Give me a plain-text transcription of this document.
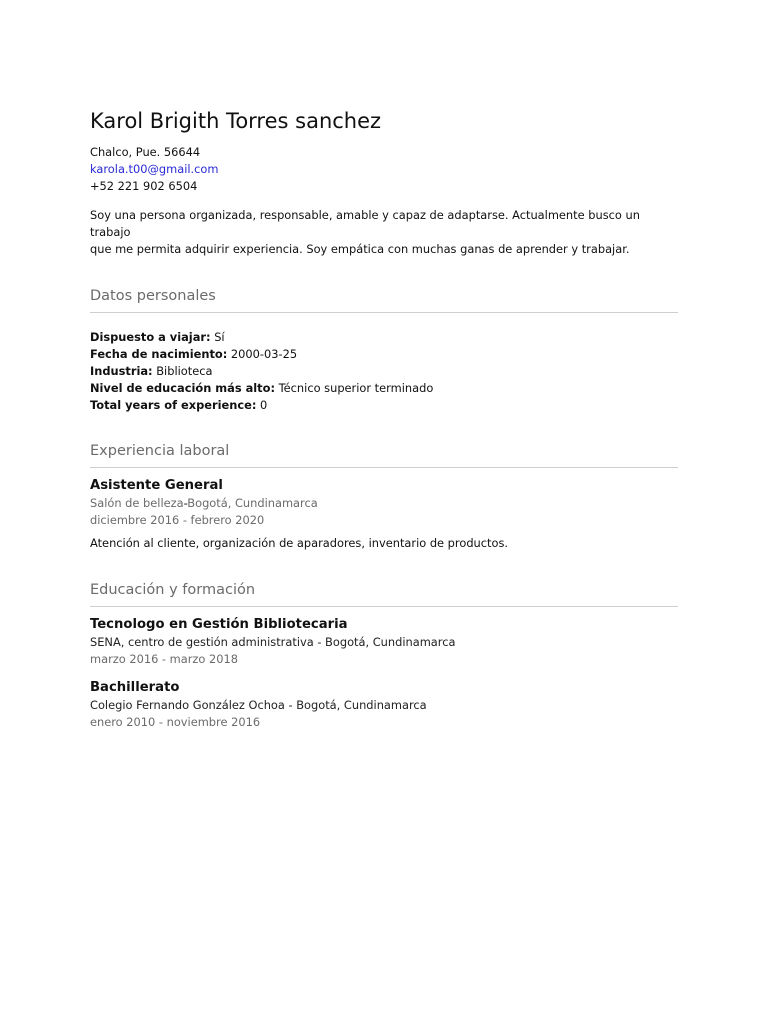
Karol Brigith Torres sanchez
Chalco, Pue. 56644
karola.t00@gmail.com
+52 221 902 6504
Soy una persona organizada, responsable, amable y capaz de adaptarse. Actualmente busco un trabajo
que me permita adquirir experiencia. Soy empática con muchas ganas de aprender y trabajar.
Datos personales
Dispuesto a viajar: Sí
Fecha de nacimiento: 2000-03-25
Industria: Biblioteca
Nivel de educación más alto: Técnico superior terminado
Total years of experience: 0
Experiencia laboral
Asistente General
Salón de belleza-Bogotá, Cundinamarca
diciembre 2016 - febrero 2020
Atención al cliente, organización de aparadores, inventario de productos.
Educación y formación
Tecnologo en Gestión Bibliotecaria
SENA, centro de gestión administrativa - Bogotá, Cundinamarca
marzo 2016 - marzo 2018
Bachillerato
Colegio Fernando González Ochoa - Bogotá, Cundinamarca
enero 2010 - noviembre 2016
